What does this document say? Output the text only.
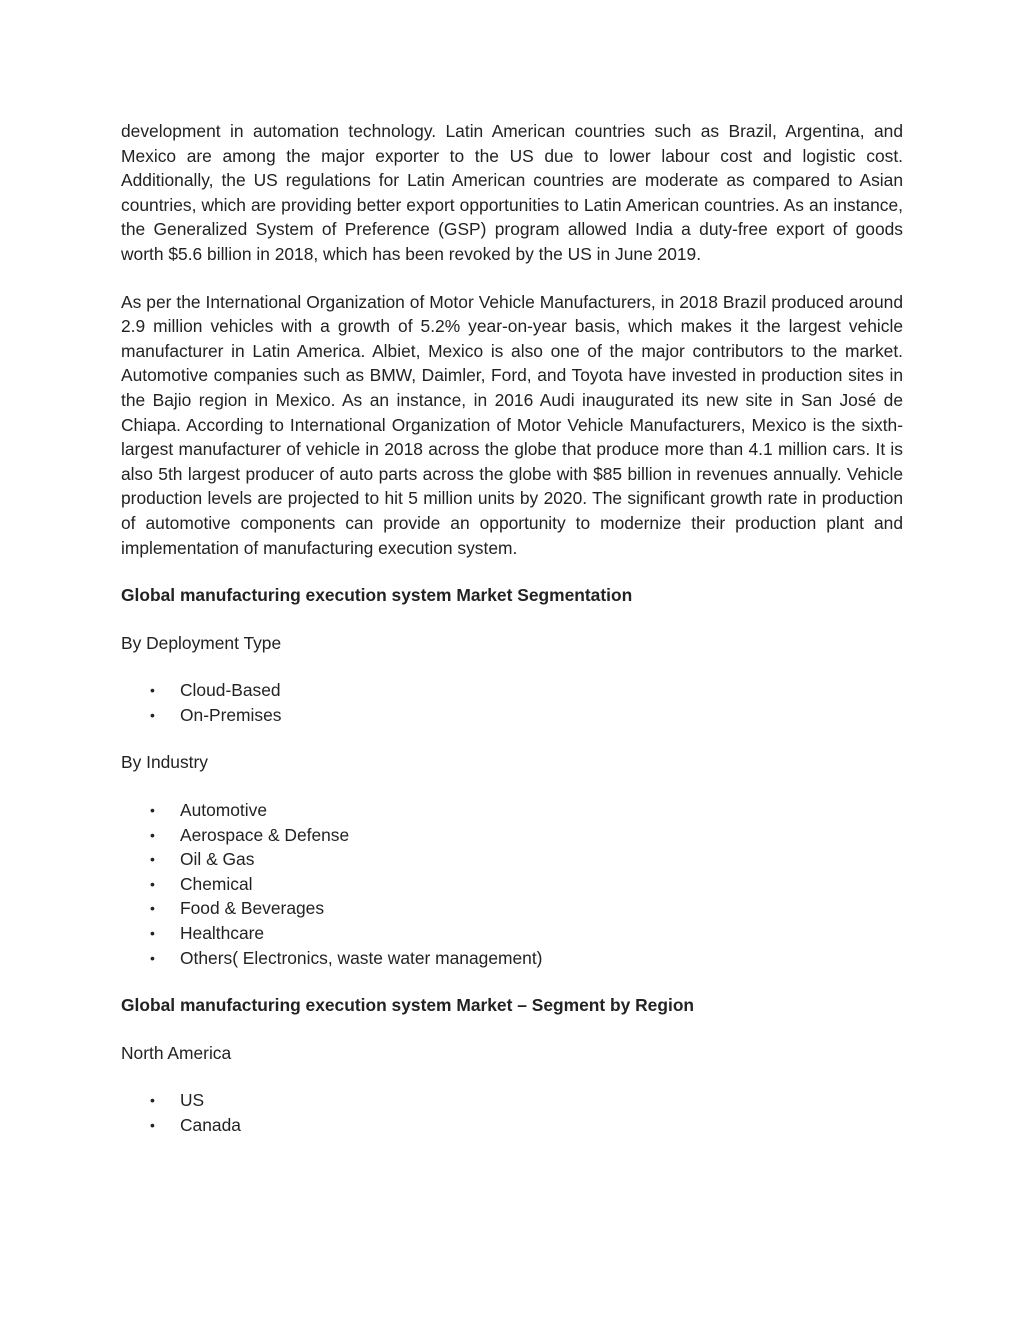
development in automation technology. Latin American countries such as Brazil, Argentina, and Mexico are among the major exporter to the US due to lower labour cost and logistic cost. Additionally, the US regulations for Latin American countries are moderate as compared to Asian countries, which are providing better export opportunities to Latin American countries. As an instance, the Generalized System of Preference (GSP) program allowed India a duty-free export of goods worth $5.6 billion in 2018, which has been revoked by the US in June 2019.

As per the International Organization of Motor Vehicle Manufacturers, in 2018 Brazil produced around 2.9 million vehicles with a growth of 5.2% year-on-year basis, which makes it the largest vehicle manufacturer in Latin America. Albiet, Mexico is also one of the major contributors to the market. Automotive companies such as BMW, Daimler, Ford, and Toyota have invested in production sites in the Bajio region in Mexico. As an instance, in 2016 Audi inaugurated its new site in San José de Chiapa. According to International Organization of Motor Vehicle Manufacturers, Mexico is the sixth-largest manufacturer of vehicle in 2018 across the globe that produce more than 4.1 million cars. It is also 5th largest producer of auto parts across the globe with $85 billion in revenues annually. Vehicle production levels are projected to hit 5 million units by 2020. The significant growth rate in production of automotive components can provide an opportunity to modernize their production plant and implementation of manufacturing execution system.

Global manufacturing execution system Market Segmentation

By Deployment Type

• Cloud-Based
• On-Premises

By Industry

• Automotive
• Aerospace & Defense
• Oil & Gas
• Chemical
• Food & Beverages
• Healthcare
• Others( Electronics, waste water management)

Global manufacturing execution system Market – Segment by Region

North America

• US
• Canada
